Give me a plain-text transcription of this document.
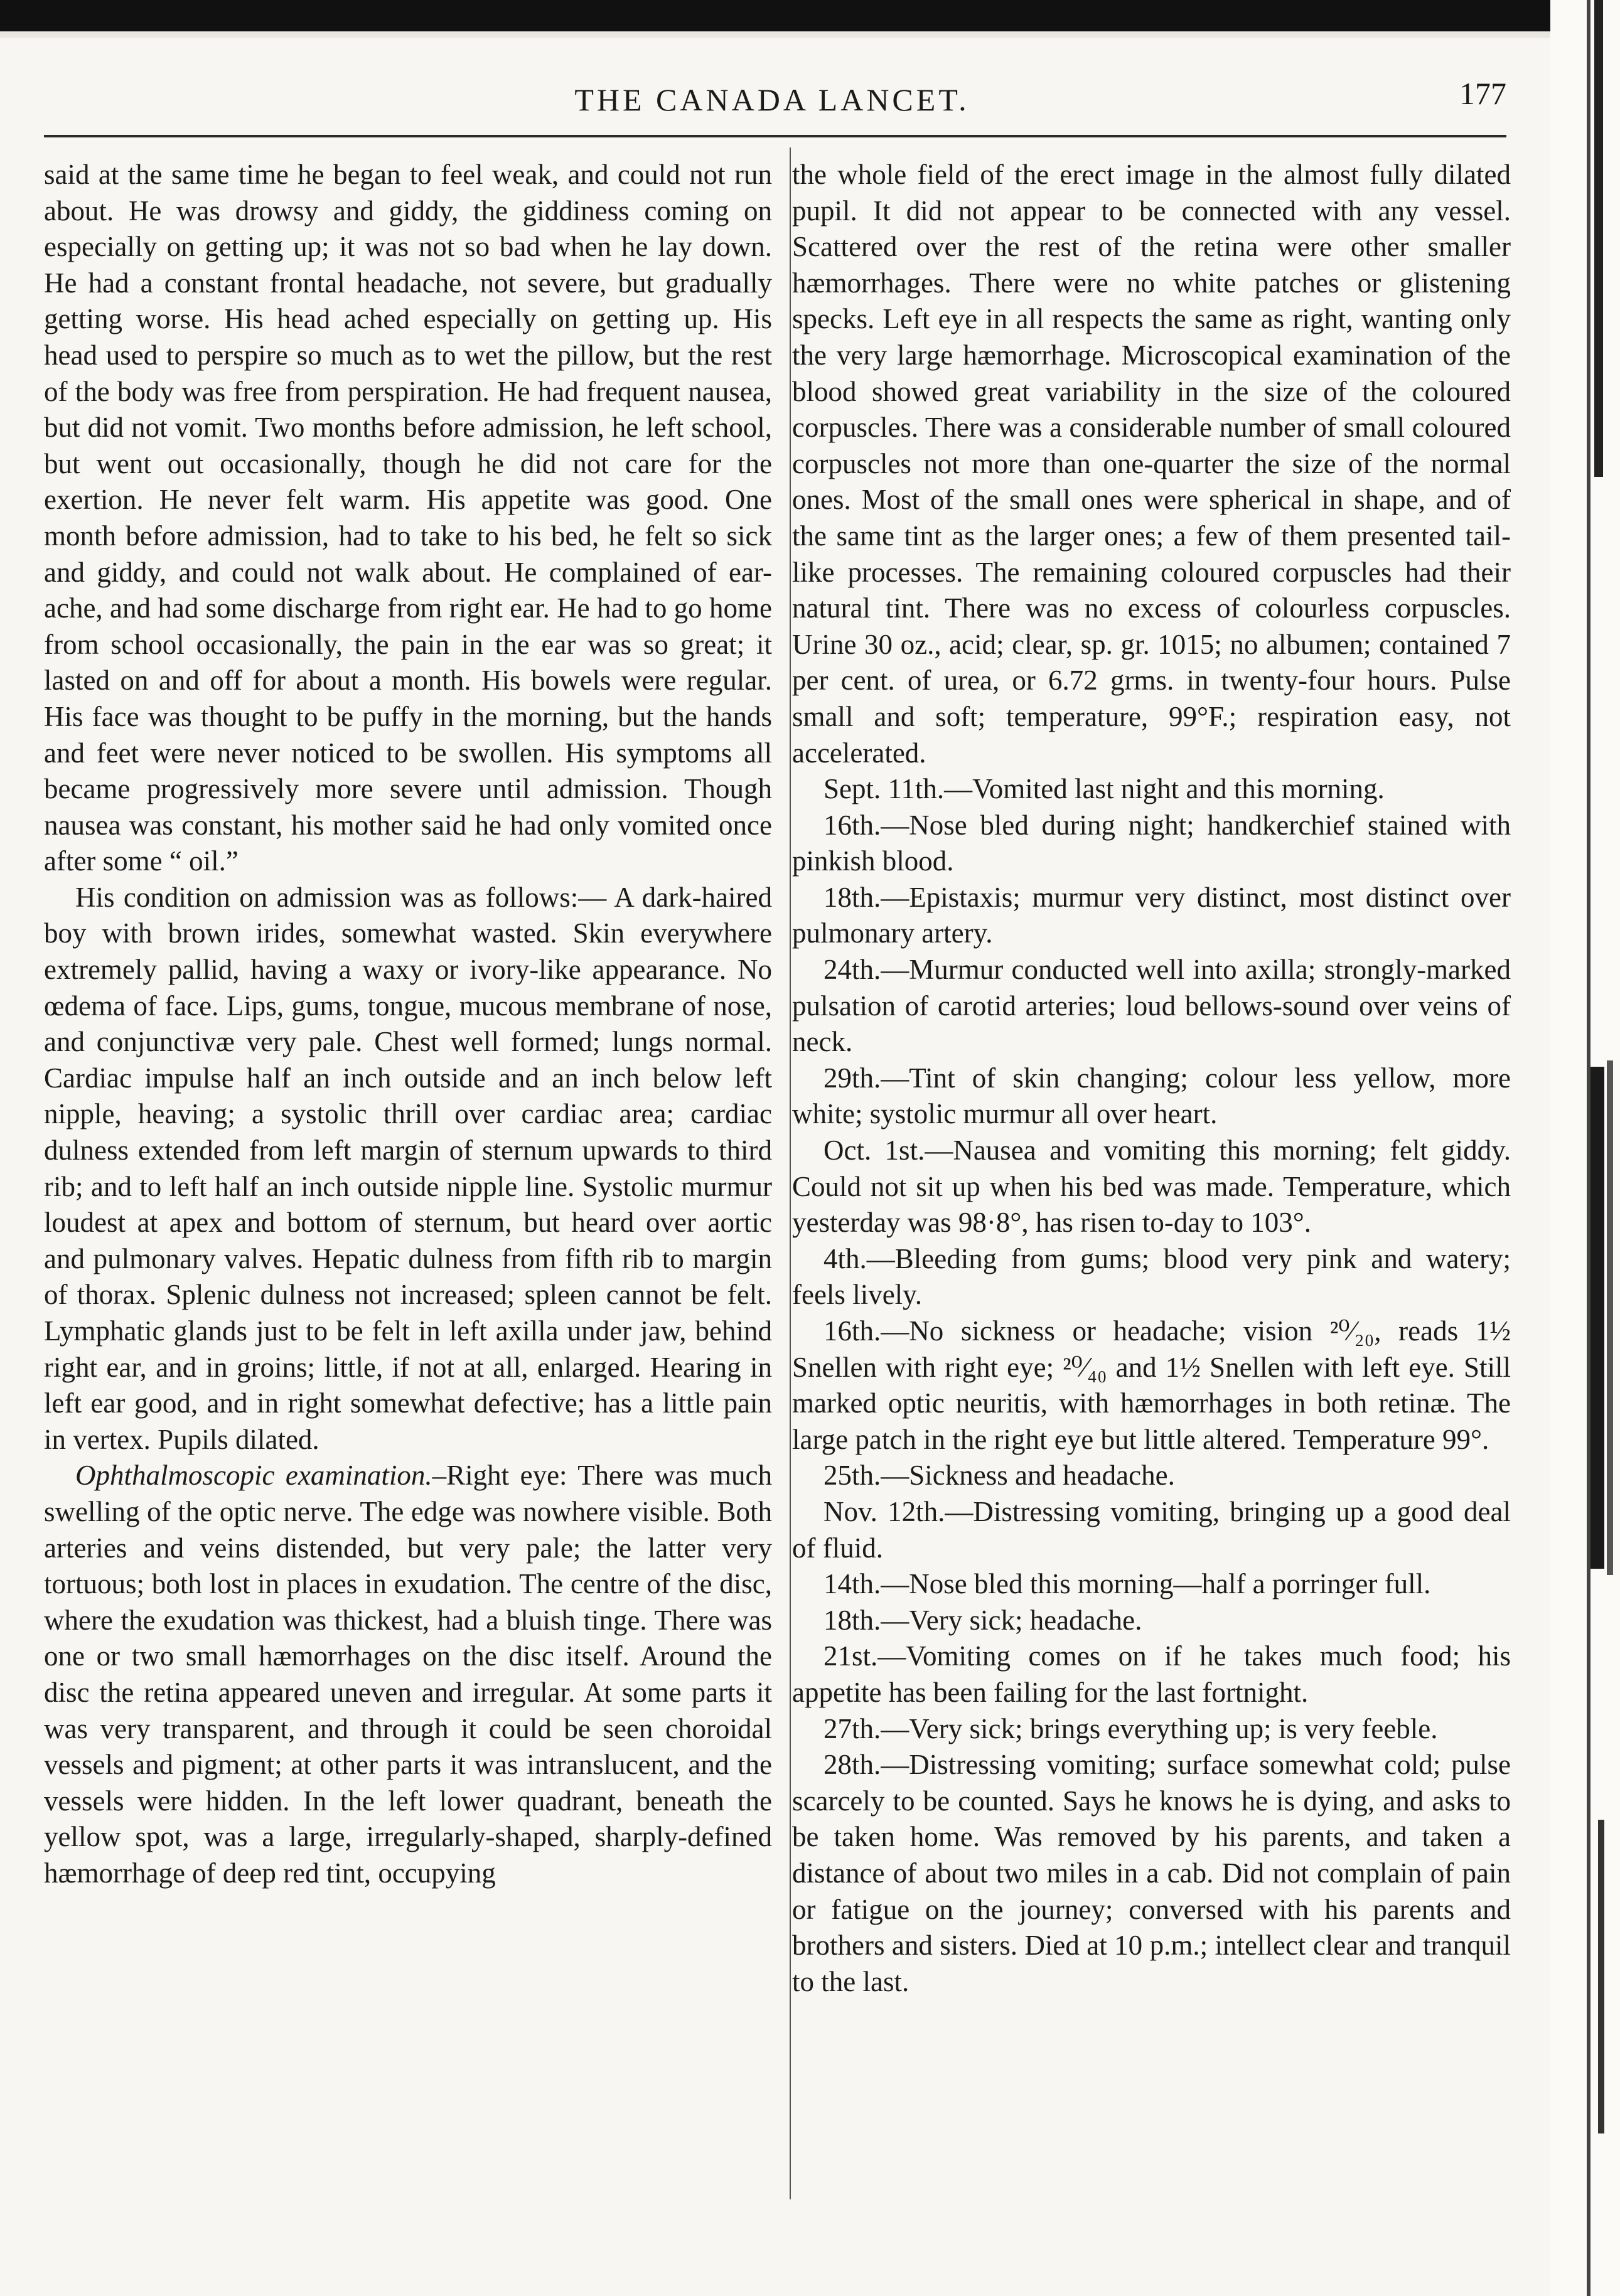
THE CANADA LANCET.	177

said at the same time he began to feel weak, and could not run about. He was drowsy and giddy, the giddiness coming on especially on getting up; it was not so bad when he lay down. He had a constant frontal headache, not severe, but gradually getting worse. His head ached especially on getting up. His head used to perspire so much as to wet the pillow, but the rest of the body was free from perspiration. He had frequent nausea, but did not vomit. Two months before admission, he left school, but went out occasionally, though he did not care for the exertion. He never felt warm. His appetite was good. One month before admission, had to take to his bed, he felt so sick and giddy, and could not walk about. He complained of ear-ache, and had some discharge from right ear. He had to go home from school occasionally, the pain in the ear was so great; it lasted on and off for about a month. His bowels were regular. His face was thought to be puffy in the morning, but the hands and feet were never noticed to be swollen. His symptoms all became progressively more severe until admission. Though nausea was constant, his mother said he had only vomited once after some “ oil.”

His condition on admission was as follows:— A dark-haired boy with brown irides, somewhat wasted. Skin everywhere extremely pallid, having a waxy or ivory-like appearance. No œdema of face. Lips, gums, tongue, mucous membrane of nose, and conjunctivæ very pale. Chest well formed; lungs normal. Cardiac impulse half an inch outside and an inch below left nipple, heaving; a systolic thrill over cardiac area; cardiac dulness extended from left margin of sternum upwards to third rib; and to left half an inch outside nipple line. Systolic murmur loudest at apex and bottom of sternum, but heard over aortic and pulmonary valves. Hepatic dulness from fifth rib to margin of thorax. Splenic dulness not increased; spleen cannot be felt. Lymphatic glands just to be felt in left axilla under jaw, behind right ear, and in groins; little, if not at all, enlarged. Hearing in left ear good, and in right somewhat defective; has a little pain in vertex. Pupils dilated.

Ophthalmoscopic examination.–Right eye: There was much swelling of the optic nerve. The edge was nowhere visible. Both arteries and veins distended, but very pale; the latter very tortuous; both lost in places in exudation. The centre of the disc, where the exudation was thickest, had a bluish tinge. There was one or two small hæmorrhages on the disc itself. Around the disc the retina appeared uneven and irregular. At some parts it was very transparent, and through it could be seen choroidal vessels and pigment; at other parts it was intranslucent, and the vessels were hidden. In the left lower quadrant, beneath the yellow spot, was a large, irregularly-shaped, sharply-defined hæmorrhage of deep red tint, occupying

the whole field of the erect image in the almost fully dilated pupil. It did not appear to be connected with any vessel. Scattered over the rest of the retina were other smaller hæmorrhages. There were no white patches or glistening specks. Left eye in all respects the same as right, wanting only the very large hæmorrhage. Microscopical examination of the blood showed great variability in the size of the coloured corpuscles. There was a considerable number of small coloured corpuscles not more than one-quarter the size of the normal ones. Most of the small ones were spherical in shape, and of the same tint as the larger ones; a few of them presented tail-like processes. The remaining coloured corpuscles had their natural tint. There was no excess of colourless corpuscles. Urine 30 oz., acid; clear, sp. gr. 1015; no albumen; contained 7 per cent. of urea, or 6.72 grms. in twenty-four hours. Pulse small and soft; temperature, 99°F.; respiration easy, not accelerated.

Sept. 11th.—Vomited last night and this morning.

16th.—Nose bled during night; handkerchief stained with pinkish blood.

18th.—Epistaxis; murmur very distinct, most distinct over pulmonary artery.

24th.—Murmur conducted well into axilla; strongly-marked pulsation of carotid arteries; loud bellows-sound over veins of neck.

29th.—Tint of skin changing; colour less yellow, more white; systolic murmur all over heart.

Oct. 1st.—Nausea and vomiting this morning; felt giddy. Could not sit up when his bed was made. Temperature, which yesterday was 98·8°, has risen to-day to 103°.

4th.—Bleeding from gums; blood very pink and watery; feels lively.

16th.—No sickness or headache; vision ²⁰⁄₂₀, reads 1½ Snellen with right eye; ²⁰⁄₄₀ and 1½ Snellen with left eye. Still marked optic neuritis, with hæmorrhages in both retinæ. The large patch in the right eye but little altered. Temperature 99°.

25th.—Sickness and headache.

Nov. 12th.—Distressing vomiting, bringing up a good deal of fluid.

14th.—Nose bled this morning—half a porringer full.

18th.—Very sick; headache.

21st.—Vomiting comes on if he takes much food; his appetite has been failing for the last fortnight.

27th.—Very sick; brings everything up; is very feeble.

28th.—Distressing vomiting; surface somewhat cold; pulse scarcely to be counted. Says he knows he is dying, and asks to be taken home. Was removed by his parents, and taken a distance of about two miles in a cab. Did not complain of pain or fatigue on the journey; conversed with his parents and brothers and sisters. Died at 10 p.m.; intellect clear and tranquil to the last.
